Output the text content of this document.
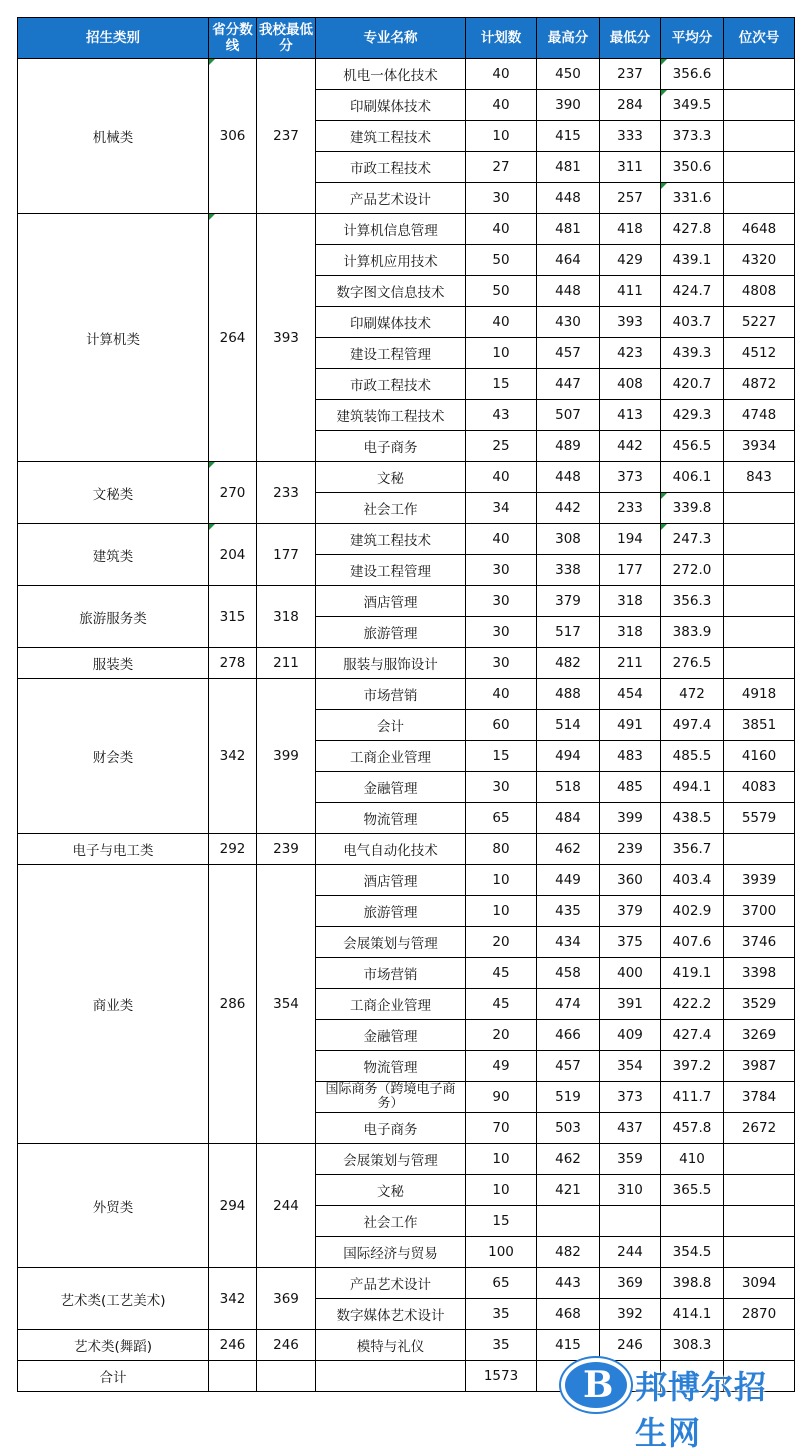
招生类别	省分数线	我校最低分	专业名称	计划数	最高分	最低分	平均分	位次号
机械类	306	237	机电一体化技术	40	450	237	356.6

			印刷媒体技术	40	390	284	349.5

			建筑工程技术	10	415	333	373.3	
			市政工程技术	27	481	311	350.6	
			产品艺术设计	30	448	257	331.6

计算机类	264	393	计算机信息管理	40	481	418	427.8	4648
			计算机应用技术	50	464	429	439.1	4320
			数字图文信息技术	50	448	411	424.7	4808
			印刷媒体技术	40	430	393	403.7	5227
			建设工程管理	10	457	423	439.3	4512
			市政工程技术	15	447	408	420.7	4872
			建筑装饰工程技术	43	507	413	429.3	4748
			电子商务	25	489	442	456.5	3934
文秘类	270	233	文秘	40	448	373	406.1	843
			社会工作	34	442	233	339.8

建筑类	204	177	建筑工程技术	40	308	194	247.3

			建设工程管理	30	338	177	272.0	
旅游服务类	315	318	酒店管理	30	379	318	356.3	
			旅游管理	30	517	318	383.9	
服装类	278	211	服装与服饰设计	30	482	211	276.5	
财会类	342	399	市场营销	40	488	454	472	4918
			会计	60	514	491	497.4	3851
			工商企业管理	15	494	483	485.5	4160
			金融管理	30	518	485	494.1	4083
			物流管理	65	484	399	438.5	5579
电子与电工类	292	239	电气自动化技术	80	462	239	356.7	
商业类	286	354	酒店管理	10	449	360	403.4	3939
			旅游管理	10	435	379	402.9	3700
			会展策划与管理	20	434	375	407.6	3746
			市场营销	45	458	400	419.1	3398
			工商企业管理	45	474	391	422.2	3529
			金融管理	20	466	409	427.4	3269
			物流管理	49	457	354	397.2	3987
			国际商务（跨境电子商务）	90	519	373	411.7	3784
			电子商务	70	503	437	457.8	2672
外贸类	294	244	会展策划与管理	10	462	359	410	
			文秘	10	421	310	365.5	
			社会工作	15				
			国际经济与贸易	100	482	244	354.5	
艺术类(工艺美术)	342	369	产品艺术设计	65	443	369	398.8	3094
			数字媒体艺术设计	35	468	392	414.1	2870
艺术类(舞蹈)	246	246	模特与礼仪	35	415	246	308.3	
合计				1573				B 邦博尔招生网
